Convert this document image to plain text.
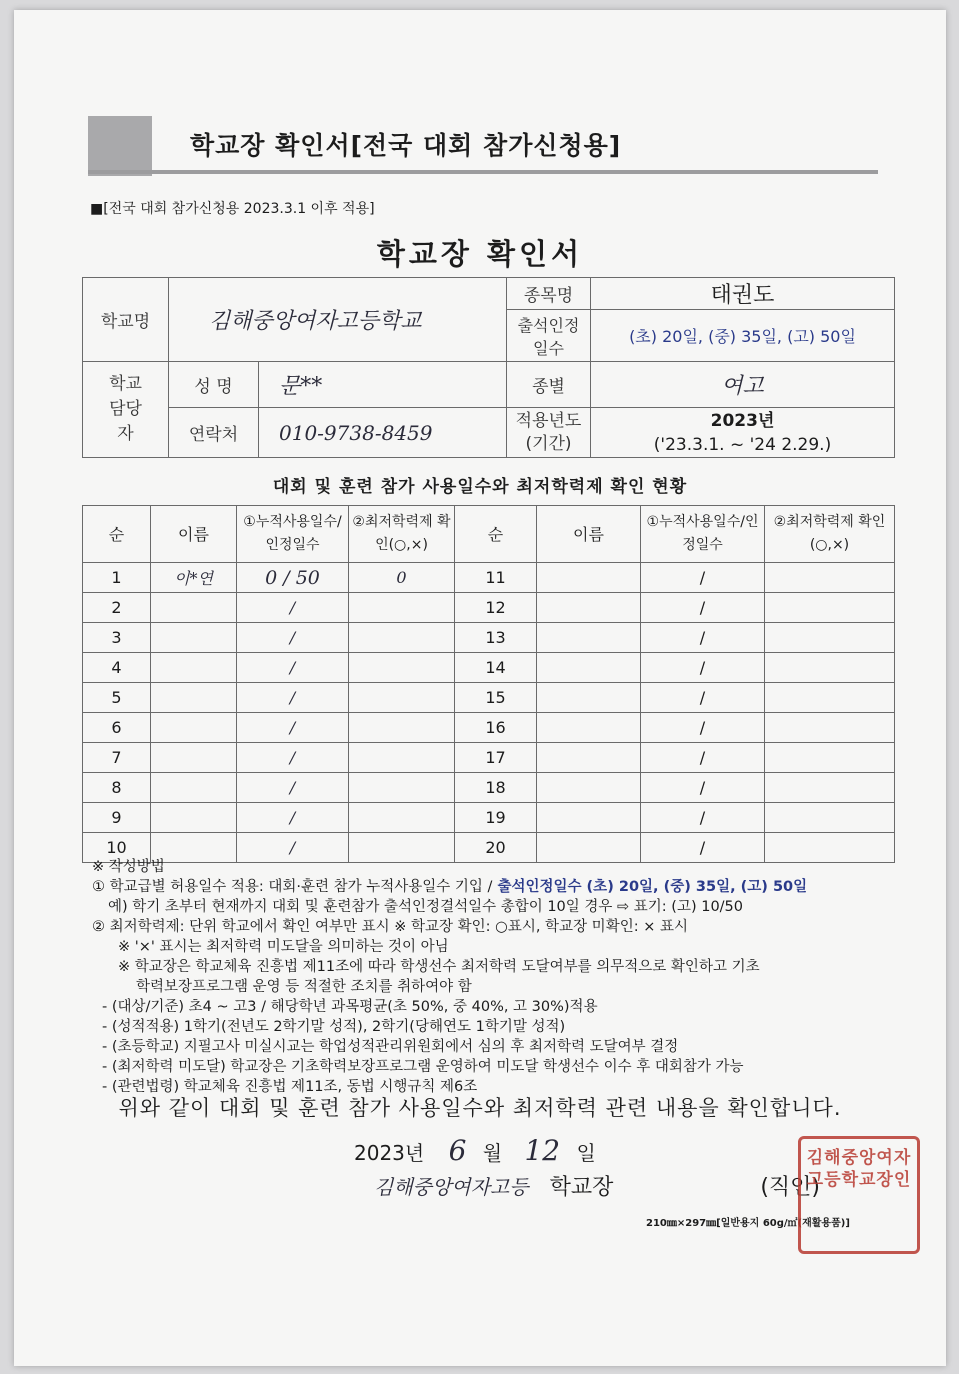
학교장 확인서[전국 대회 참가신청용]
■[전국 대회 참가신청용 2023.3.1 이후 적용]
학교장 확인서
학교명	김해중앙여자고등학교		종목명	태권도
			출석인정일수	(초) 20일, (중) 35일, (고) 50일
학교 담당자	성 명	문**	종별	여고
	연락처	010-9738-8459	적용년도 (기간)	2023년
('23.3.1. ~ '24 2.29.)
대회 및 훈련 참가 사용일수와 최저학력제 확인 현황
순	이름	①누적사용일수/인정일수	②최저학력제 확인(○,×)	순	이름	①누적사용일수/인정일수	②최저학력제 확인(○,×)
1	이*연	0 / 50	0	11		/	
2		/		12		/	
3		/		13		/	
4		/		14		/	
5		/		15		/	
6		/		16		/	
7		/		17		/	
8		/		18		/	
9		/		19		/	
10		/		20		/	
※ 작성방법
① 학교급별 허용일수 적용: 대회·훈련 참가 누적사용일수 기입 / 출석인정일수 (초) 20일, (중) 35일, (고) 50일
예) 학기 초부터 현재까지 대회 및 훈련참가 출석인정결석일수 총합이 10일 경우 ⇨ 표기: (고) 10/50
② 최저학력제: 단위 학교에서 확인 여부만 표시 ※ 학교장 확인: ○표시, 학교장 미확인: × 표시
※ '×' 표시는 최저학력 미도달을 의미하는 것이 아님
※ 학교장은 학교체육 진흥법 제11조에 따라 학생선수 최저학력 도달여부를 의무적으로 확인하고 기초
학력보장프로그램 운영 등 적절한 조치를 취하여야 함
- (대상/기준) 초4 ~ 고3 / 해당학년 과목평균(초 50%, 중 40%, 고 30%)적용
- (성적적용) 1학기(전년도 2학기말 성적), 2학기(당해연도 1학기말 성적)
- (초등학교) 지필고사 미실시교는 학업성적관리위원회에서 심의 후 최저학력 도달여부 결정
- (최저학력 미도달) 학교장은 기초학력보장프로그램 운영하여 미도달 학생선수 이수 후 대회참가 가능
- (관련법령) 학교체육 진흥법 제11조, 동법 시행규칙 제6조
위와 같이 대회 및 훈련 참가 사용일수와 최저학력 관련 내용을 확인합니다.
2023년 6 월 12 일
김해중앙여자고등 학교장	(직인)
210㎜×297㎜[일반용지 60g/㎡(재활용품)]
김해중앙여자고등학교장인
